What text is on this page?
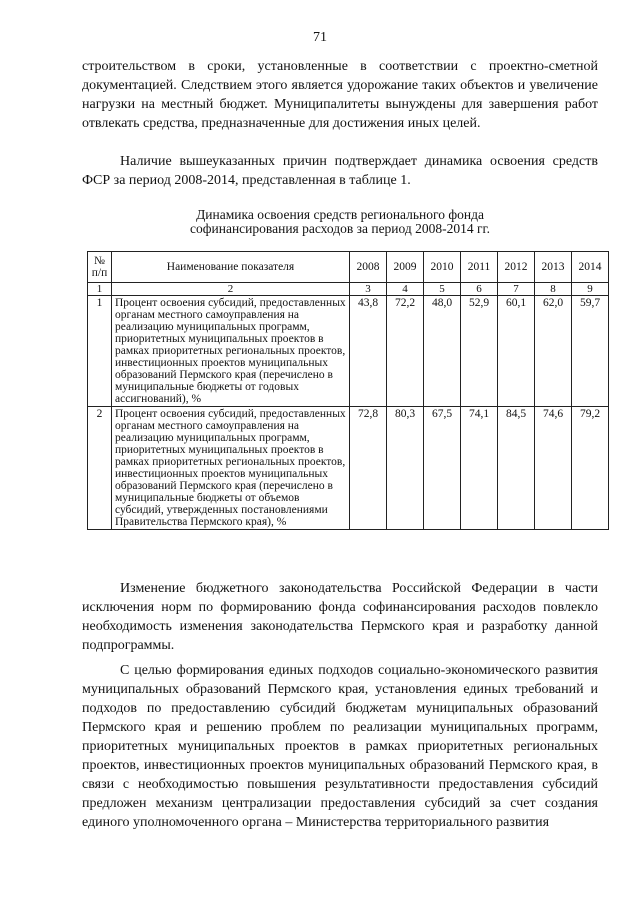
71

строительством в сроки, установленные в соответствии с проектно-сметной документацией. Следствием этого является удорожание таких объектов и увеличение нагрузки на местный бюджет. Муниципалитеты вынуждены для завершения работ отвлекать средства, предназначенные для достижения иных целей.

Наличие вышеуказанных причин подтверждает динамика освоения средств ФСР за период 2008-2014, представленная в таблице 1.

Динамика освоения средств регионального фонда
софинансирования расходов за период 2008-2014 гг.
№ п/п	Наименование показателя	2008	2009	2010	2011	2012	2013	2014
1	2	3	4	5	6	7	8	9
1	Процент освоения субсидий, предоставленных органам местного самоуправления на реализацию муниципальных программ, приоритетных муниципальных проектов в рамках приоритетных региональных проектов, инвестиционных проектов муниципальных образований Пермского края (перечислено в муниципальные бюджеты от годовых ассигнований), %	43,8	72,2	48,0	52,9	60,1	62,0	59,7
2	Процент освоения субсидий, предоставленных органам местного самоуправления на реализацию муниципальных программ, приоритетных муниципальных проектов в рамках приоритетных региональных проектов, инвестиционных проектов муниципальных образований Пермского края (перечислено в муниципальные бюджеты от объемов субсидий, утвержденных постановлениями Правительства Пермского края), %	72,8	80,3	67,5	74,1	84,5	74,6	79,2

Изменение бюджетного законодательства Российской Федерации в части исключения норм по формированию фонда софинансирования расходов повлекло необходимость изменения законодательства Пермского края и разработку данной подпрограммы.

С целью формирования единых подходов социально-экономического развития муниципальных образований Пермского края, установления единых требований и подходов по предоставлению субсидий бюджетам муниципальных образований Пермского края и решению проблем по реализации муниципальных программ, приоритетных муниципальных проектов в рамках приоритетных региональных проектов, инвестиционных проектов муниципальных образований Пермского края, в связи с необходимостью повышения результативности предоставления субсидий предложен механизм централизации предоставления субсидий за счет создания единого уполномоченного органа – Министерства территориального развития
